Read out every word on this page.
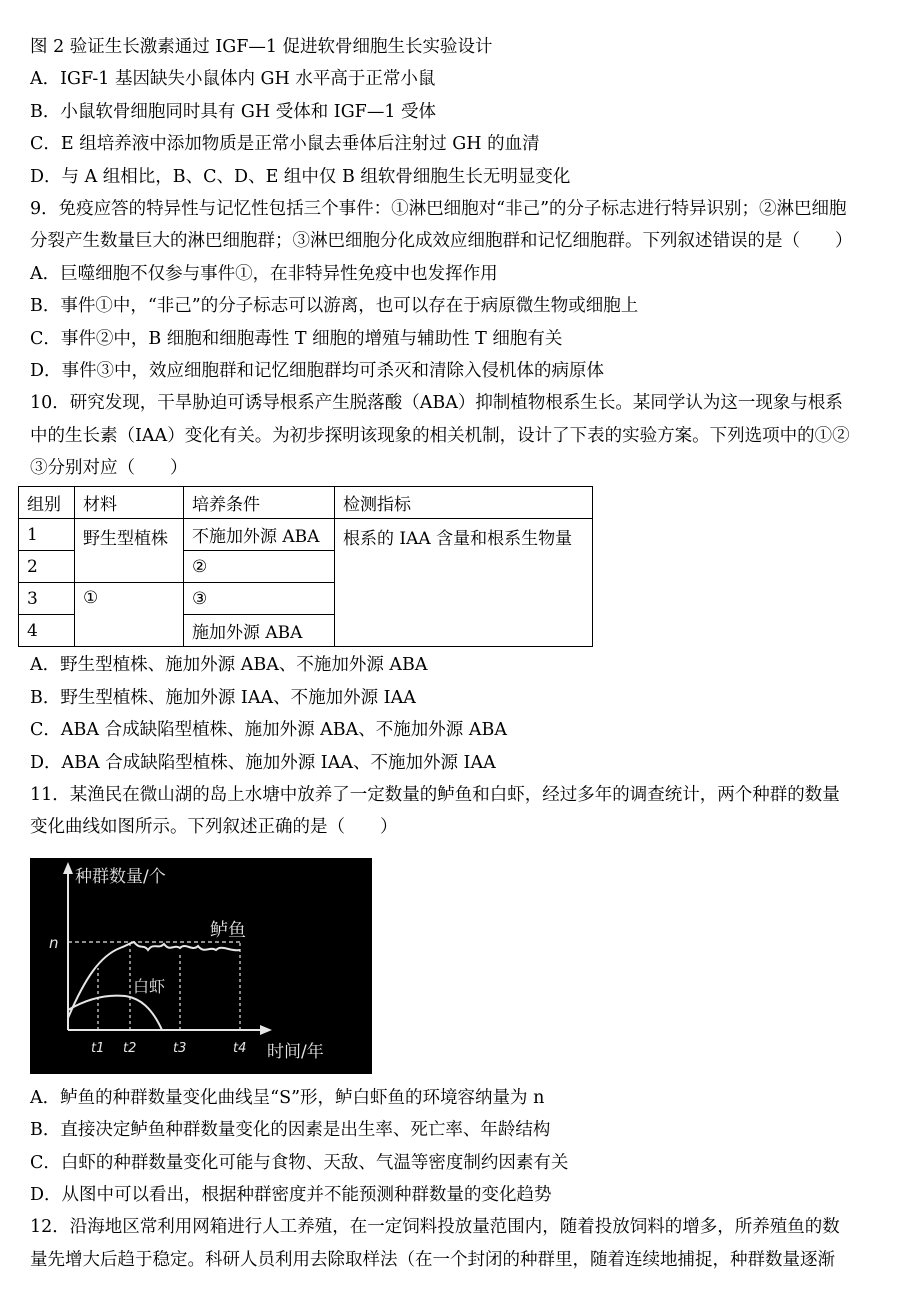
图 2 验证生长激素通过 IGF—1 促进软骨细胞生长实验设计
A．IGF-1 基因缺失小鼠体内 GH 水平高于正常小鼠
B．小鼠软骨细胞同时具有 GH 受体和 IGF—1 受体
C．E 组培养液中添加物质是正常小鼠去垂体后注射过 GH 的血清
D．与 A 组相比，B、C、D、E 组中仅 B 组软骨细胞生长无明显变化
9．免疫应答的特异性与记忆性包括三个事件：①淋巴细胞对“非己”的分子标志进行特异识别；②淋巴细胞
分裂产生数量巨大的淋巴细胞群；③淋巴细胞分化成效应细胞群和记忆细胞群。下列叙述错误的是（　　）
A．巨噬细胞不仅参与事件①，在非特异性免疫中也发挥作用
B．事件①中，“非己”的分子标志可以游离，也可以存在于病原微生物或细胞上
C．事件②中，B 细胞和细胞毒性 T 细胞的增殖与辅助性 T 细胞有关
D．事件③中，效应细胞群和记忆细胞群均可杀灭和清除入侵机体的病原体
10．研究发现，干旱胁迫可诱导根系产生脱落酸（ABA）抑制植物根系生长。某同学认为这一现象与根系
中的生长素（IAA）变化有关。为初步探明该现象的相关机制，设计了下表的实验方案。下列选项中的①②
③分别对应（　　）
组别	材料	培养条件	检测指标
1	野生型植株	不施加外源 ABA	根系的 IAA 含量和根系生物量
2		②	
3	①	③	
4		施加外源 ABA	
A．野生型植株、施加外源 ABA、不施加外源 ABA
B．野生型植株、施加外源 IAA、不施加外源 IAA
C．ABA 合成缺陷型植株、施加外源 ABA、不施加外源 ABA
D．ABA 合成缺陷型植株、施加外源 IAA、不施加外源 IAA
11．某渔民在微山湖的岛上水塘中放养了一定数量的鲈鱼和白虾，经过多年的调查统计，两个种群的数量
变化曲线如图所示。下列叙述正确的是（　　）
种群数量/个
时间/年
n
鲈鱼
白虾
t1 t2	t3	t4
A．鲈鱼的种群数量变化曲线呈“S”形，鲈白虾鱼的环境容纳量为 n
B．直接决定鲈鱼种群数量变化的因素是出生率、死亡率、年龄结构
C．白虾的种群数量变化可能与食物、天敌、气温等密度制约因素有关
D．从图中可以看出，根据种群密度并不能预测种群数量的变化趋势
12．沿海地区常利用网箱进行人工养殖，在一定饲料投放量范围内，随着投放饲料的增多，所养殖鱼的数
量先增大后趋于稳定。科研人员利用去除取样法（在一个封闭的种群里，随着连续地捕捉，种群数量逐渐
